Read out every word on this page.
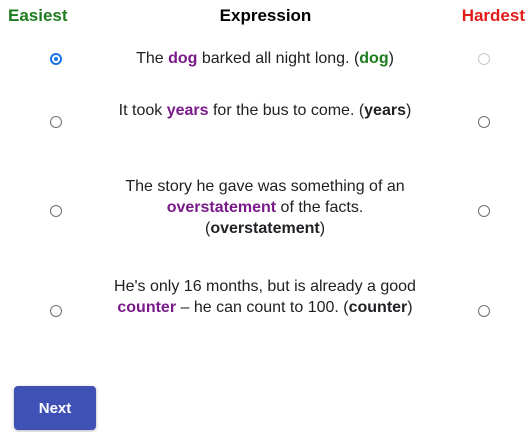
Easiest	Expression	Hardest
The dog barked all night long. (dog)
It took years for the bus to come. (years)
The story he gave was something of an overstatement of the facts. (overstatement)
He's only 16 months, but is already a good counter – he can count to 100. (counter)
Next
